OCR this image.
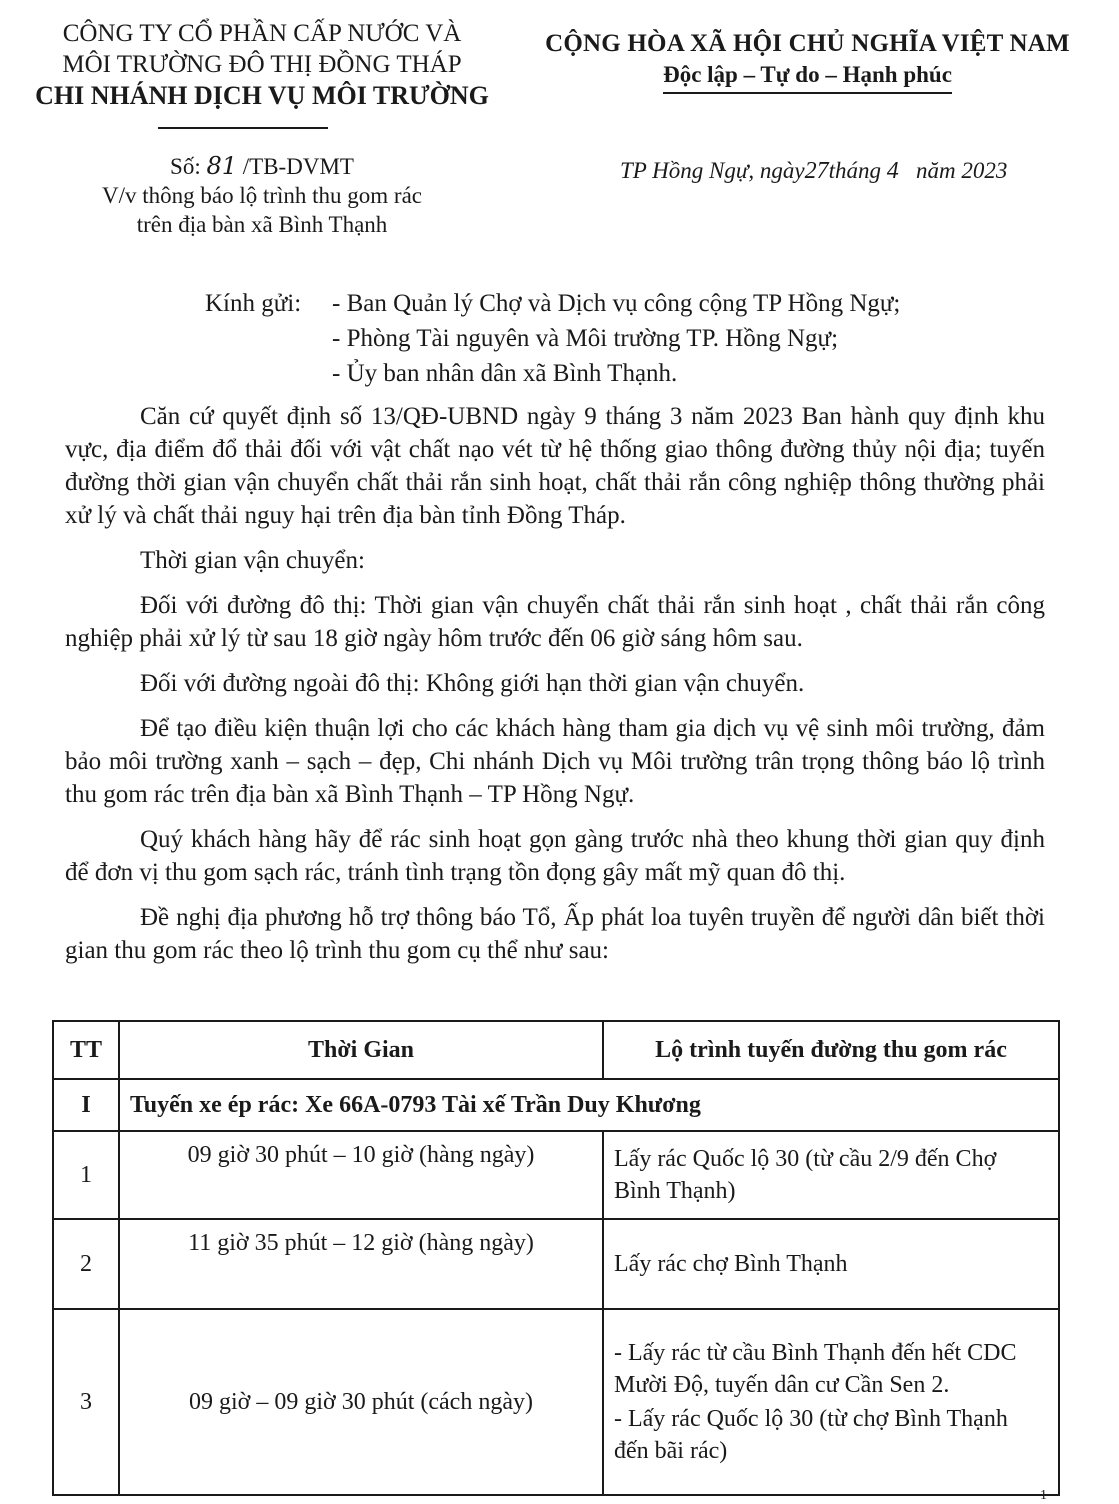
CÔNG TY CỔ PHẦN CẤP NƯỚC VÀ
MÔI TRƯỜNG ĐÔ THỊ ĐỒNG THÁP
CHI NHÁNH DỊCH VỤ MÔI TRƯỜNG
CỘNG HÒA XÃ HỘI CHỦ NGHĨA VIỆT NAM
Độc lập – Tự do – Hạnh phúc
Số: 81 /TB-DVMT
V/v thông báo lộ trình thu gom rác
trên địa bàn xã Bình Thạnh
TP Hồng Ngự, ngày27tháng 4 năm 2023
Kính gửi: - Ban Quản lý Chợ và Dịch vụ công cộng TP Hồng Ngự;
- Phòng Tài nguyên và Môi trường TP. Hồng Ngự;
- Ủy ban nhân dân xã Bình Thạnh.

Căn cứ quyết định số 13/QĐ-UBND ngày 9 tháng 3 năm 2023 Ban hành quy định khu vực, địa điểm đổ thải đối với vật chất nạo vét từ hệ thống giao thông đường thủy nội địa; tuyến đường thời gian vận chuyển chất thải rắn sinh hoạt, chất thải rắn công nghiệp thông thường phải xử lý và chất thải nguy hại trên địa bàn tỉnh Đồng Tháp.

Thời gian vận chuyển:

Đối với đường đô thị: Thời gian vận chuyển chất thải rắn sinh hoạt , chất thải rắn công nghiệp phải xử lý từ sau 18 giờ ngày hôm trước đến 06 giờ sáng hôm sau.

Đối với đường ngoài đô thị: Không giới hạn thời gian vận chuyển.

Để tạo điều kiện thuận lợi cho các khách hàng tham gia dịch vụ vệ sinh môi trường, đảm bảo môi trường xanh – sạch – đẹp, Chi nhánh Dịch vụ Môi trường trân trọng thông báo lộ trình thu gom rác trên địa bàn xã Bình Thạnh – TP Hồng Ngự.

Quý khách hàng hãy để rác sinh hoạt gọn gàng trước nhà theo khung thời gian quy định để đơn vị thu gom sạch rác, tránh tình trạng tồn đọng gây mất mỹ quan đô thị.

Đề nghị địa phương hỗ trợ thông báo Tổ, Ấp phát loa tuyên truyền để người dân biết thời gian thu gom rác theo lộ trình thu gom cụ thể như sau:

TT	Thời Gian	Lộ trình tuyến đường thu gom rác
I	Tuyến xe ép rác: Xe 66A-0793 Tài xế Trần Duy Khương	
1	09 giờ 30 phút – 10 giờ (hàng ngày)	Lấy rác Quốc lộ 30 (từ cầu 2/9 đến Chợ Bình Thạnh)

2	11 giờ 35 phút – 12 giờ (hàng ngày)	Lấy rác chợ Bình Thạnh

3	09 giờ – 09 giờ 30 phút (cách ngày)	- Lấy rác từ cầu Bình Thạnh đến hết CDC Mười Độ, tuyến dân cư Cần Sen 2.
- Lấy rác Quốc lộ 30 (từ chợ Bình Thạnh đến bãi rác)
1
